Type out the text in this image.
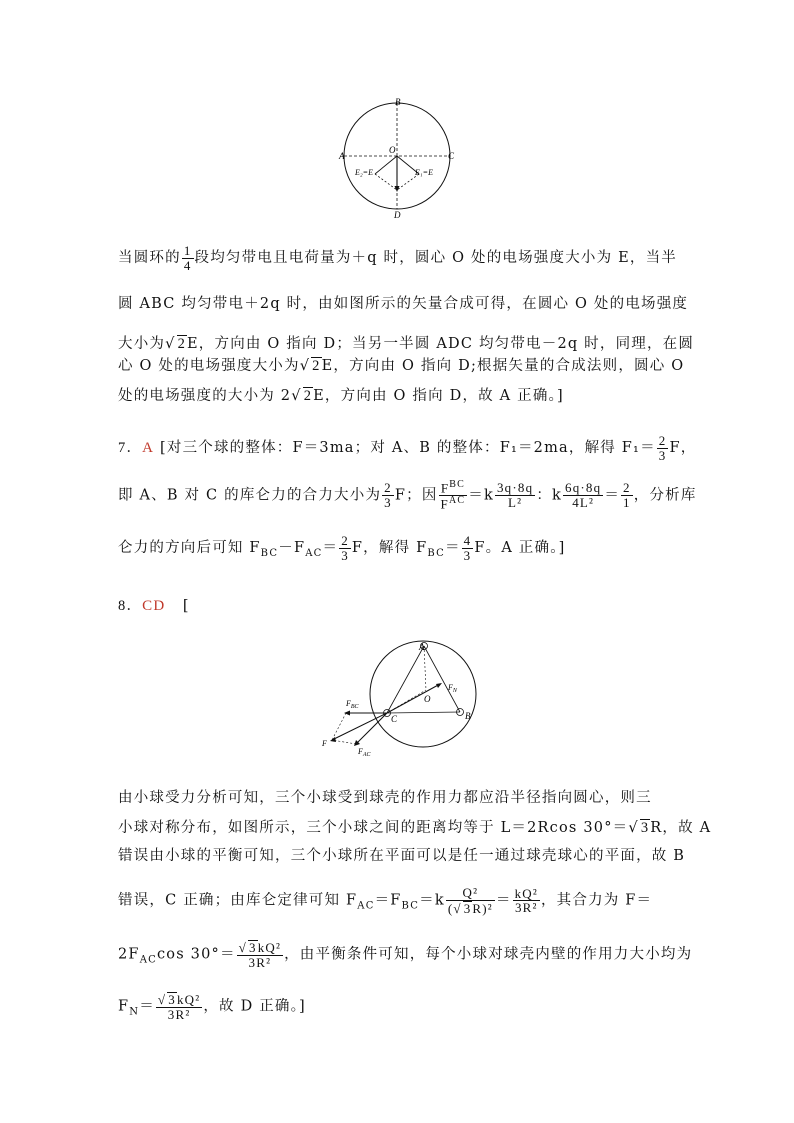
B
A	C
O
D
E₂=E	E₁=E
当圆环的 $\frac{1}{4}$ 段均匀带电且电荷量为＋q 时，圆心 O 处的电场强度大小为 E，当半
圆 ABC 均匀带电＋2q 时，由如图所示的矢量合成可得，在圆心 O 处的电场强度
大小为√ 2E，方向由 O 指向 D；当另一半圆 ADC 均匀带电－2q 时，同理，在圆
心 O 处的电场强度大小为√ 2E，方向由 O 指向 D;根据矢量的合成法则，圆心 O
处的电场强度的大小为 2√ 2E，方向由 O 指向 D，故 A 正确。]
7．A [对三个球的整体：F＝3ma；对 A、B 的整体：F₁＝2ma，解得 $F_1= \frac{2}{3}$ F，
即 A、B 对 C 的库仑力的合力大小为 $\frac{2}{3}$ F；因 $\frac{F^{BC}}{F^{AC}} =k \frac{3q\cdot 8q}{\text{L²}}$ ：k $\frac{6q\cdot 8q}{\text{4L²}} = \frac{2}{1}$ ，分析库
仑力的方向后可知 $F_{BC}-F_{AC}= \frac{2}{3}$ F，解得 $F_{BC}= \frac{4}{3}$ F。A 正确。]
8．CD [
A
O
B
C
$F_N$
$F_{BC}$
F
$F_{AC}$
由小球受力分析可知，三个小球受到球壳的作用力都应沿半径指向圆心，则三
小球对称分布，如图所示，三个小球之间的距离均等于 L＝2Rcos 30°＝√ 3R，故 A
错误由小球的平衡可知，三个小球所在平面可以是任一通过球壳球心的平面，故 B
错误，C 正确；由库仑定律可知 $F_{AC}=F_{BC}=k \frac{\text{Q²}}{\text{(√ 3R)²}} = \frac{\text{kQ²}}{\text{3R²}}$ ，其合力为 F＝
$2F_{AC}\cos$ $30^\circ= \frac{\text{√ 3kQ²}}{\text{3R²}}$ ，由平衡条件可知，每个小球对球壳内壁的作用力大小均为
$F_N= \frac{\text{√ 3kQ²}}{\text{3R²}}$ ，故 D 正确。]
